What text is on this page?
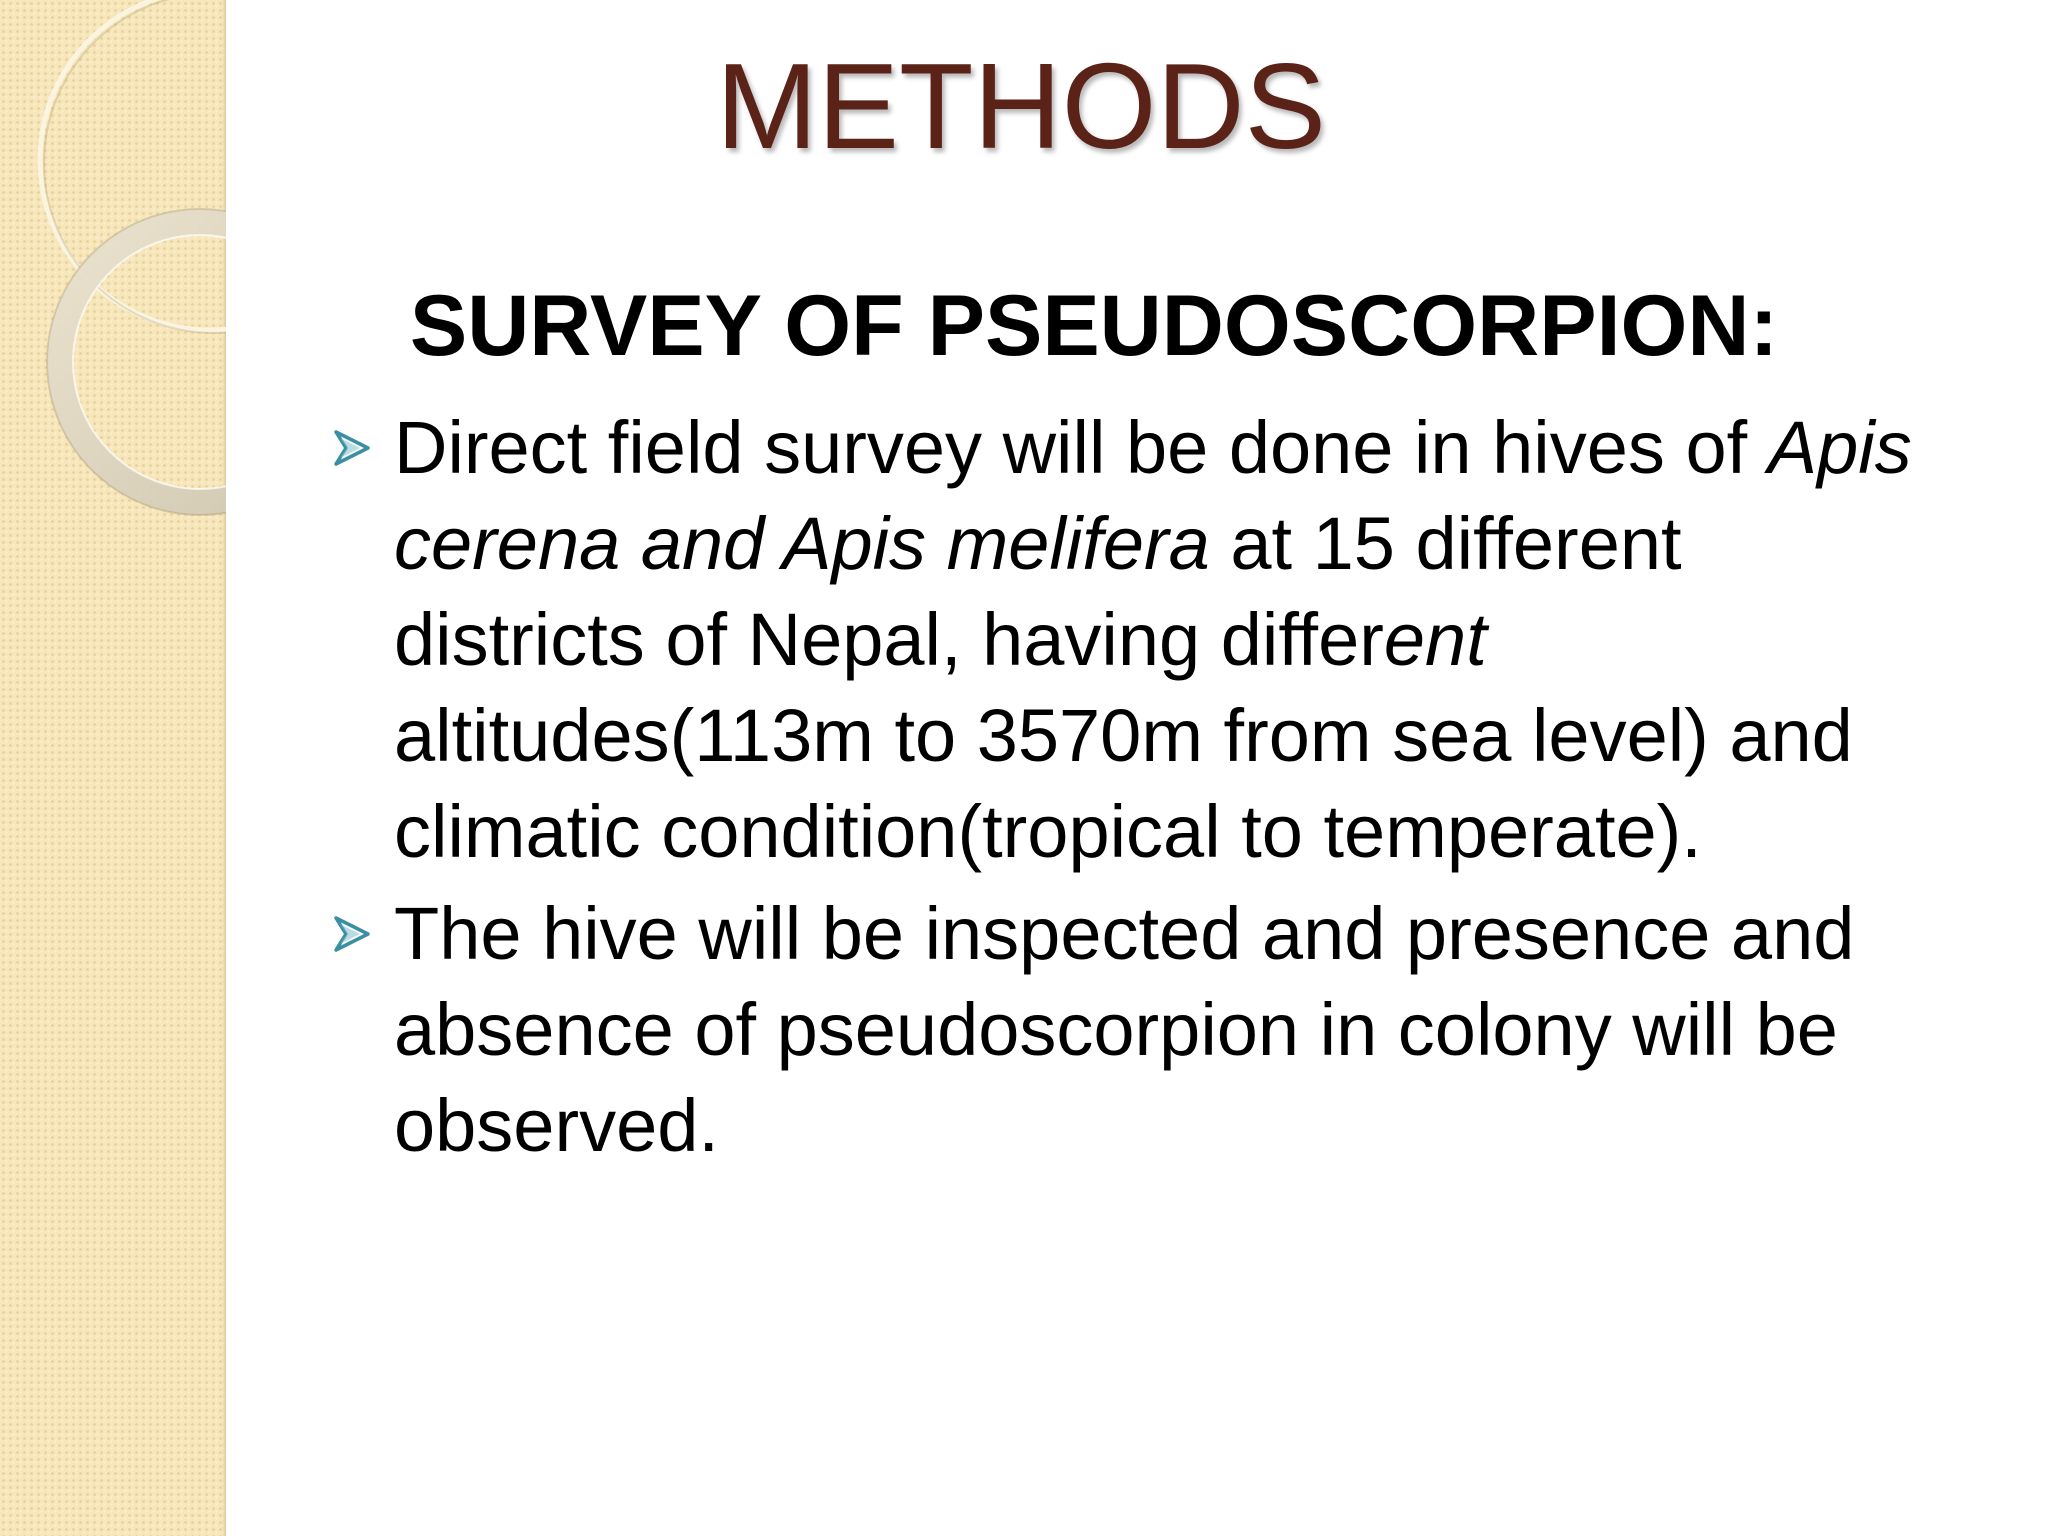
METHODS
SURVEY OF PSEUDOSCORPION:
Direct field survey will be done in hives of Apis cerena and Apis melifera at 15 different districts of Nepal, having different altitudes(113m to 3570m from sea level) and climatic condition(tropical to temperate).
The hive will be inspected and presence and absence of pseudoscorpion in colony will be observed.
